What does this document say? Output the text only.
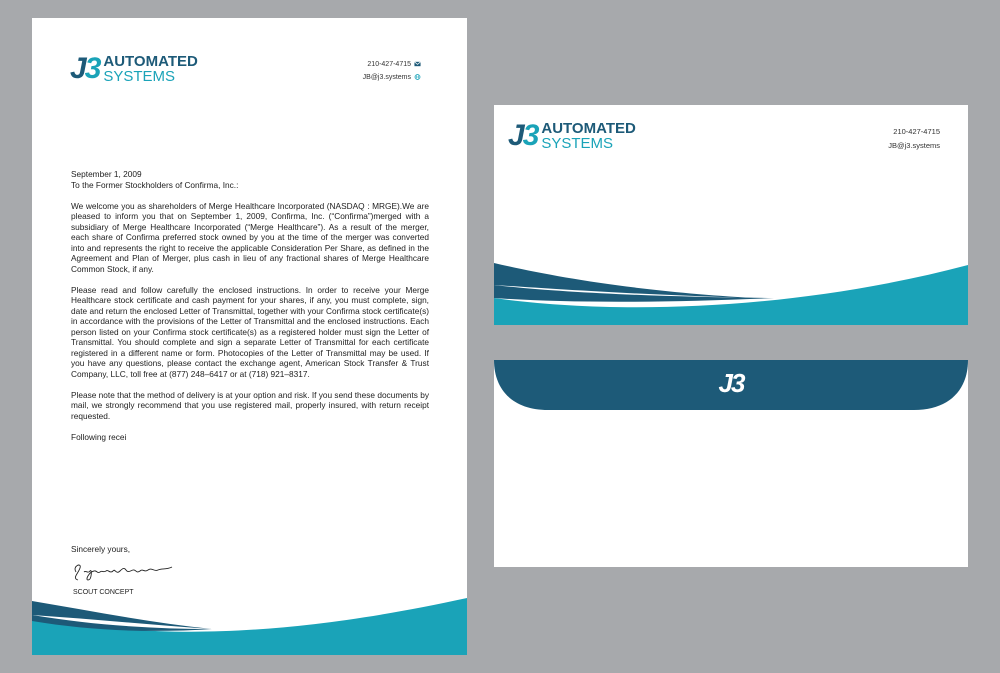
J3 AUTOMATED
SYSTEMS
210-427-4715
JB@j3.systems

September 1, 2009

To the Former Stockholders of Confirma, Inc.:

We welcome you as shareholders of Merge Healthcare Incorporated (NASDAQ : MRGE).We are pleased to inform you that on September 1, 2009, Confirma, Inc. (“Confirma”)merged with a subsidiary of Merge Healthcare Incorporated (“Merge Healthcare”). As a result of the merger, each share of Confirma preferred stock owned by you at the time of the merger was converted into and represents the right to receive the applicable Consideration Per Share, as defined in the Agreement and Plan of Merger, plus cash in lieu of any fractional shares of Merge Healthcare Common Stock, if any.

Please read and follow carefully the enclosed instructions. In order to receive your Merge Healthcare stock certificate and cash payment for your shares, if any, you must complete, sign, date and return the enclosed Letter of Transmittal, together with your Confirma stock certificate(s) in accordance with the provisions of the Letter of Transmittal and the enclosed instructions. Each person listed on your Confirma stock certificate(s) as a registered holder must sign the Letter of Transmittal. You should complete and sign a separate Letter of Transmittal for each certificate registered in a different name or form. Photocopies of the Letter of Transmittal may be used. If you have any questions, please contact the exchange agent, American Stock Transfer & Trust Company, LLC, toll free at (877) 248–6417 or at (718) 921–8317.

Please note that the method of delivery is at your option and risk. If you send these documents by mail, we strongly recommend that you use registered mail, properly insured, with return receipt requested.

Following recei

Sincerely yours,
SCOUT CONCEPT
J3 AUTOMATED
SYSTEMS
210-427-4715
JB@j3.systems
J3
